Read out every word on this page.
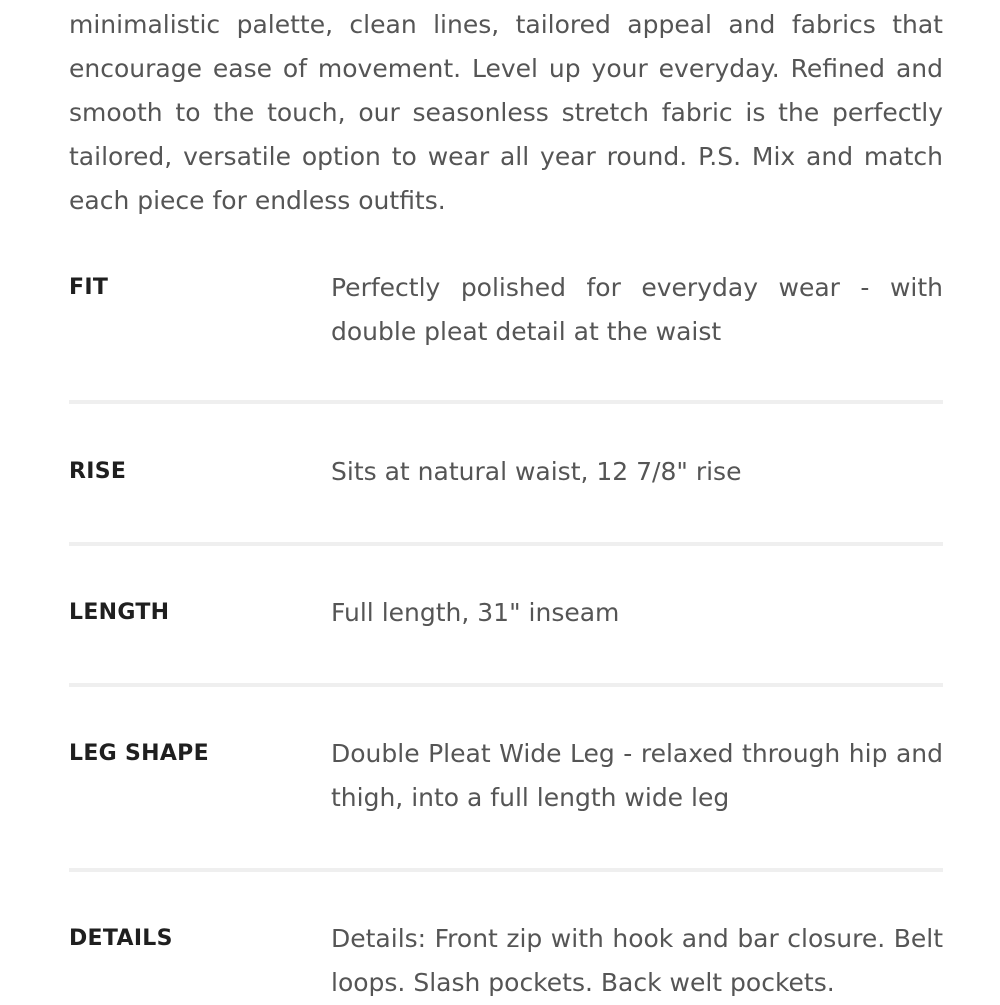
minimalistic palette, clean lines, tailored appeal and fabrics that encourage ease of movement. Level up your everyday. Refined and smooth to the touch, our seasonless stretch fabric is the perfectly tailored, versatile option to wear all year round. P.S. Mix and match each piece for endless outfits.

FIT	Perfectly polished for everyday wear - with double pleat detail at the waist
RISE	Sits at natural waist, 12 7/8" rise
LENGTH	Full length, 31" inseam
LEG SHAPE	Double Pleat Wide Leg - relaxed through hip and thigh, into a full length wide leg
DETAILS	Details: Front zip with hook and bar closure. Belt loops. Slash pockets. Back welt pockets.
